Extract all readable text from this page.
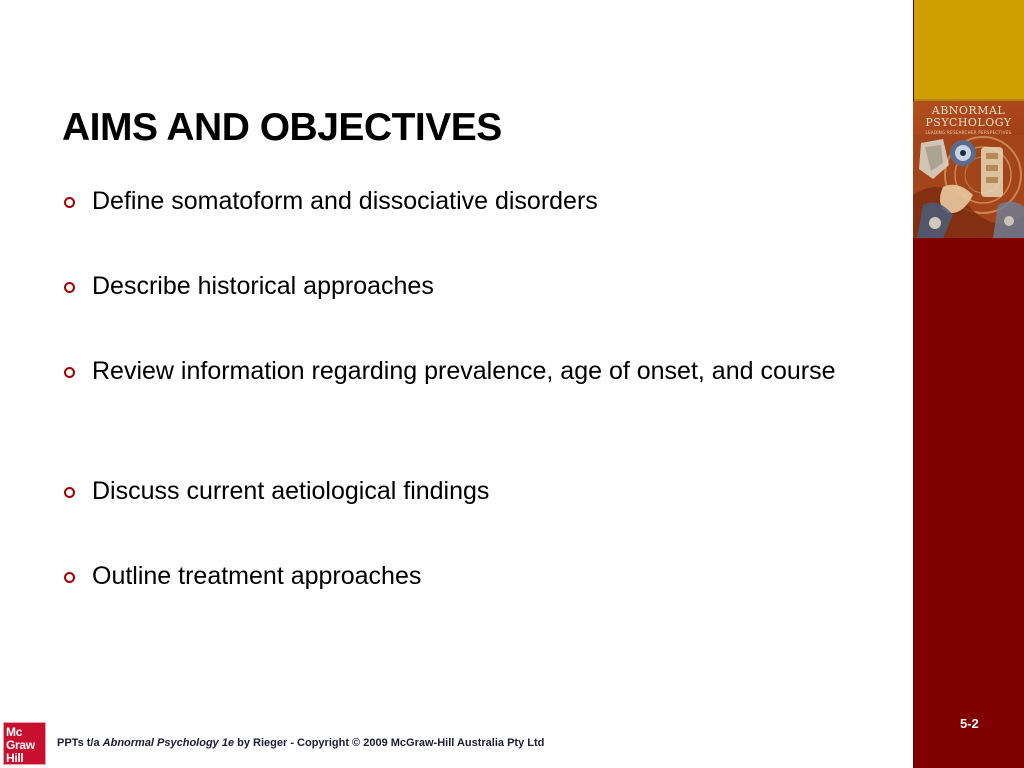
ABNORMAL
PSYCHOLOGY
LEADING RESEARCHER PERSPECTIVES
AIMS AND OBJECTIVES
Define somatoform and dissociative disorders
Describe historical approaches
Review information regarding prevalence, age of onset, and course
Discuss current aetiological findings
Outline treatment approaches
Mc
Graw
Hill
PPTs t/a Abnormal Psychology 1e by Rieger - Copyright © 2009 McGraw-Hill Australia Pty Ltd
5-2
